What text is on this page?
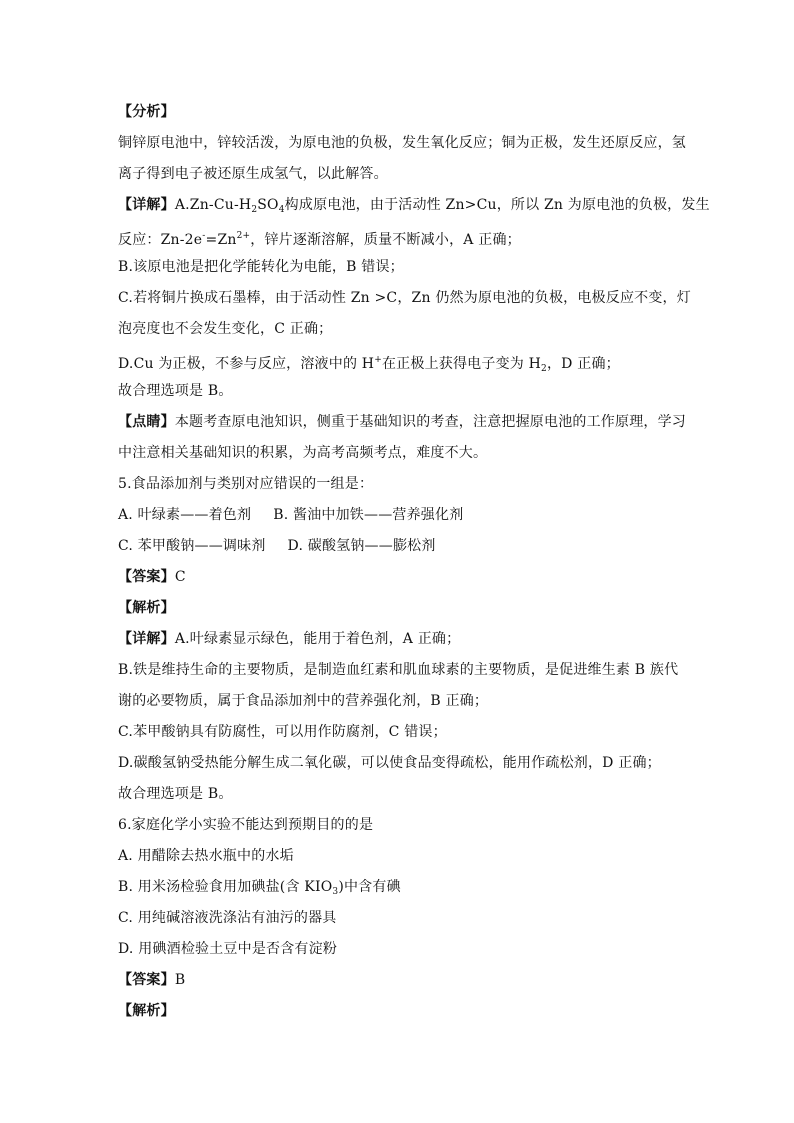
【分析】
铜锌原电池中，锌较活泼，为原电池的负极，发生氧化反应；铜为正极，发生还原反应，氢
离子得到电子被还原生成氢气，以此解答。
【详解】$A.Zn-Cu-H_2SO_4$构成原电池，由于活动性 Zn>Cu，所以 Zn 为原电池的负极，发生
反应：$Zn-2e^-=Zn^{2+}$，锌片逐渐溶解，质量不断减小，A 正确；
B.该原电池是把化学能转化为电能，B 错误；
C.若将铜片换成石墨棒，由于活动性 Zn >C，Zn 仍然为原电池的负极，电极反应不变，灯
泡亮度也不会发生变化，C 正确；
D.Cu 为正极，不参与反应，溶液中的 H+在正极上获得电子变为 $H_2$，D 正确；
故合理选项是 B。
【点睛】本题考查原电池知识，侧重于基础知识的考查，注意把握原电池的工作原理，学习
中注意相关基础知识的积累，为高考高频考点，难度不大。
5.食品添加剂与类别对应错误的一组是：
A. 叶绿素——着色剂 B. 酱油中加铁——营养强化剂
C. 苯甲酸钠——调味剂 D. 碳酸氢钠——膨松剂
【答案】C
【解析】
【详解】A.叶绿素显示绿色，能用于着色剂，A 正确；
B.铁是维持生命的主要物质，是制造血红素和肌血球素的主要物质，是促进维生素 B 族代
谢的必要物质，属于食品添加剂中的营养强化剂，B 正确；
C.苯甲酸钠具有防腐性，可以用作防腐剂，C 错误；
D.碳酸氢钠受热能分解生成二氧化碳，可以使食品变得疏松，能用作疏松剂，D 正确；
故合理选项是 B。
6.家庭化学小实验不能达到预期目的的是
A. 用醋除去热水瓶中的水垢
B. 用米汤检验食用加碘盐(含 $KIO_3$)中含有碘
C. 用纯碱溶液洗涤沾有油污的器具
D. 用碘酒检验土豆中是否含有淀粉
【答案】B
【解析】
